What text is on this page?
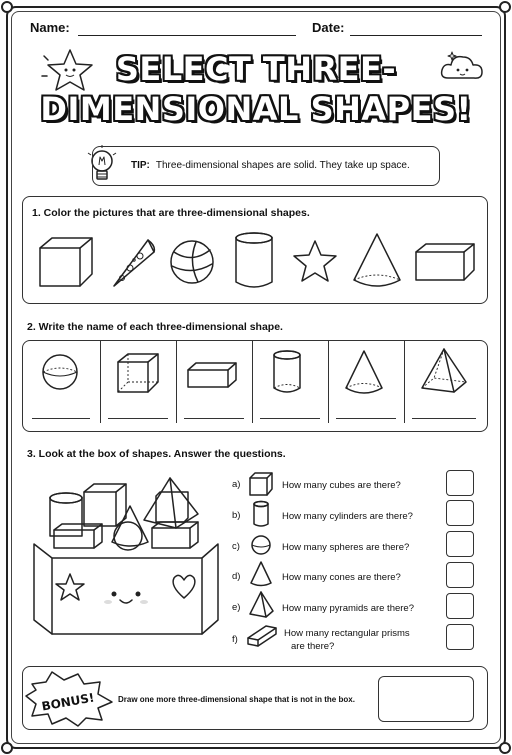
Name:	Date:
SELECT THREE-
DIMENSIONAL SHAPES!
TIP: Three-dimensional shapes are solid. They take up space.
1. Color the pictures that are three-dimensional shapes.
2. Write the name of each three-dimensional shape.
3. Look at the box of shapes. Answer the questions.
a)	How many cubes are there?
b)	How many cylinders are there?
c)	How many spheres are there?
d)	How many cones are there?
e)	How many pyramids are there?
f)
How many rectangular prisms
are there?
BONUS!	Draw one more three-dimensional shape that is not in the box.
